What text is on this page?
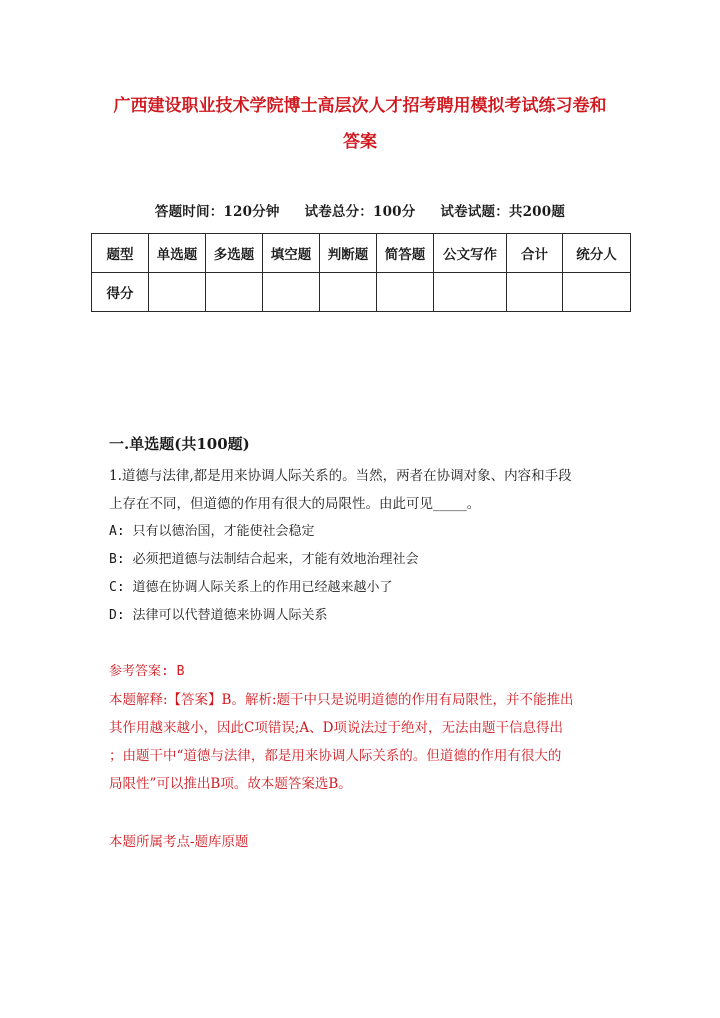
广西建设职业技术学院博士高层次人才招考聘用模拟考试练习卷和
答案
答题时间：120分钟 试卷总分：100分 试卷试题：共200题
题型	单选题	多选题	填空题	判断题	简答题	公文写作	合计	统分人
得分								
一.单选题(共100题)
1.道德与法律,都是用来协调人际关系的。当然，两者在协调对象、内容和手段
上存在不同，但道德的作用有很大的局限性。由此可见_____。
A: 只有以德治国，才能使社会稳定
B: 必须把道德与法制结合起来，才能有效地治理社会
C: 道德在协调人际关系上的作用已经越来越小了
D: 法律可以代替道德来协调人际关系
参考答案: B
本题解释:【答案】B。解析:题干中只是说明道德的作用有局限性，并不能推出
其作用越来越小，因此C项错误;A、D项说法过于绝对，无法由题干信息得出
；由题干中“道德与法律，都是用来协调人际关系的。但道德的作用有很大的
局限性”可以推出B项。故本题答案选B。
本题所属考点-题库原题
